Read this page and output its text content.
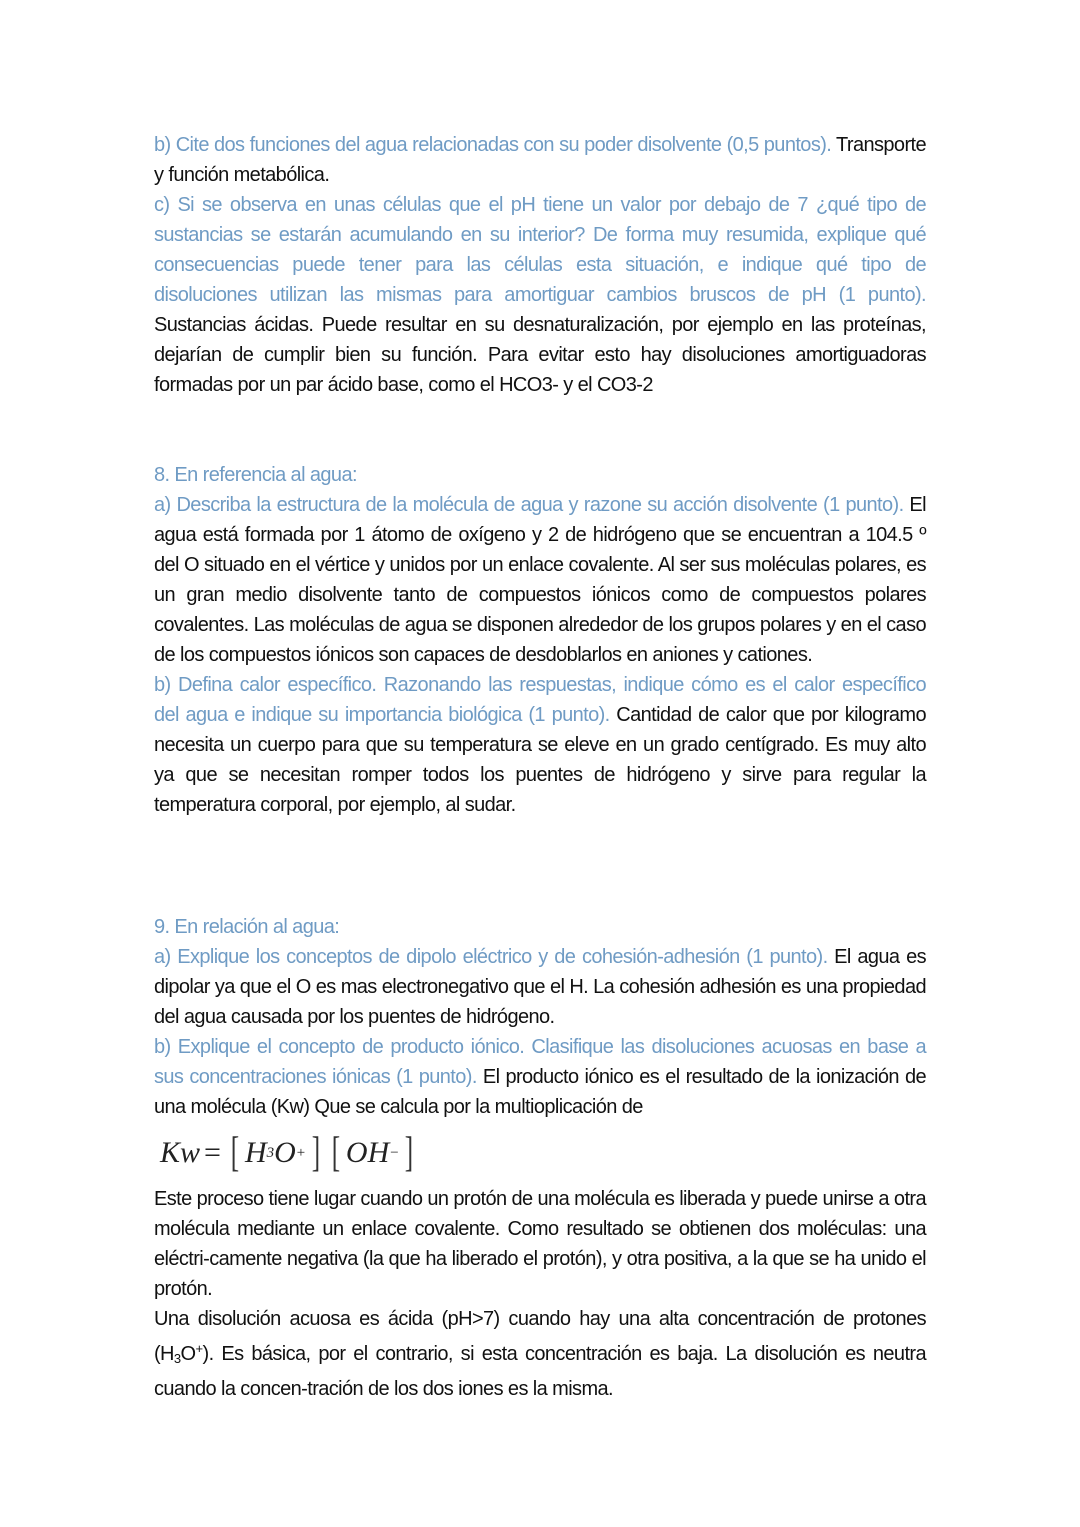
b) Cite dos funciones del agua relacionadas con su poder disolvente (0,5 puntos). Transporte y función metabólica.

c) Si se observa en unas células que el pH tiene un valor por debajo de 7 ¿qué tipo de sustancias se estarán acumulando en su interior? De forma muy resumida, explique qué consecuencias puede tener para las células esta situación, e indique qué tipo de disoluciones utilizan las mismas para amortiguar cambios bruscos de pH (1 punto). Sustancias ácidas. Puede resultar en su desnaturalización, por ejemplo en las proteínas, dejarían de cumplir bien su función. Para evitar esto hay disoluciones amortiguadoras formadas por un par ácido base, como el HCO3- y el CO3-2

8. En referencia al agua:

a) Describa la estructura de la molécula de agua y razone su acción disolvente (1 punto). El agua está formada por 1 átomo de oxígeno y 2 de hidrógeno que se encuentran a 104.5 º del O situado en el vértice y unidos por un enlace covalente. Al ser sus moléculas polares, es un gran medio disolvente tanto de compuestos iónicos como de compuestos polares covalentes. Las moléculas de agua se disponen alrededor de los grupos polares y en el caso de los compuestos iónicos son capaces de desdoblarlos en aniones y cationes.

b) Defina calor específico. Razonando las respuestas, indique cómo es el calor específico del agua e indique su importancia biológica (1 punto). Cantidad de calor que por kilogramo necesita un cuerpo para que su temperatura se eleve en un grado centígrado. Es muy alto ya que se necesitan romper todos los puentes de hidrógeno y sirve para regular la temperatura corporal, por ejemplo, al sudar.

9. En relación al agua:

a) Explique los conceptos de dipolo eléctrico y de cohesión-adhesión (1 punto). El agua es dipolar ya que el O es mas electronegativo que el H. La cohesión adhesión es una propiedad del agua causada por los puentes de hidrógeno.

b) Explique el concepto de producto iónico. Clasifique las disoluciones acuosas en base a sus concentraciones iónicas (1 punto). El producto iónico es el resultado de la ionización de una molécula (Kw) Que se calcula por la multioplicación de

Kw = [ H 3 O + ] [ OH − ]

Este proceso tiene lugar cuando un protón de una molécula es liberada y puede unirse a otra molécula mediante un enlace covalente. Como resultado se obtienen dos moléculas: una eléctri-camente negativa (la que ha liberado el protón), y otra positiva, a la que se ha unido el protón.

Una disolución acuosa es ácida (pH>7) cuando hay una alta concentración de protones (H3O+). Es básica, por el contrario, si esta concentración es baja. La disolución es neutra cuando la concen-tración de los dos iones es la misma.
